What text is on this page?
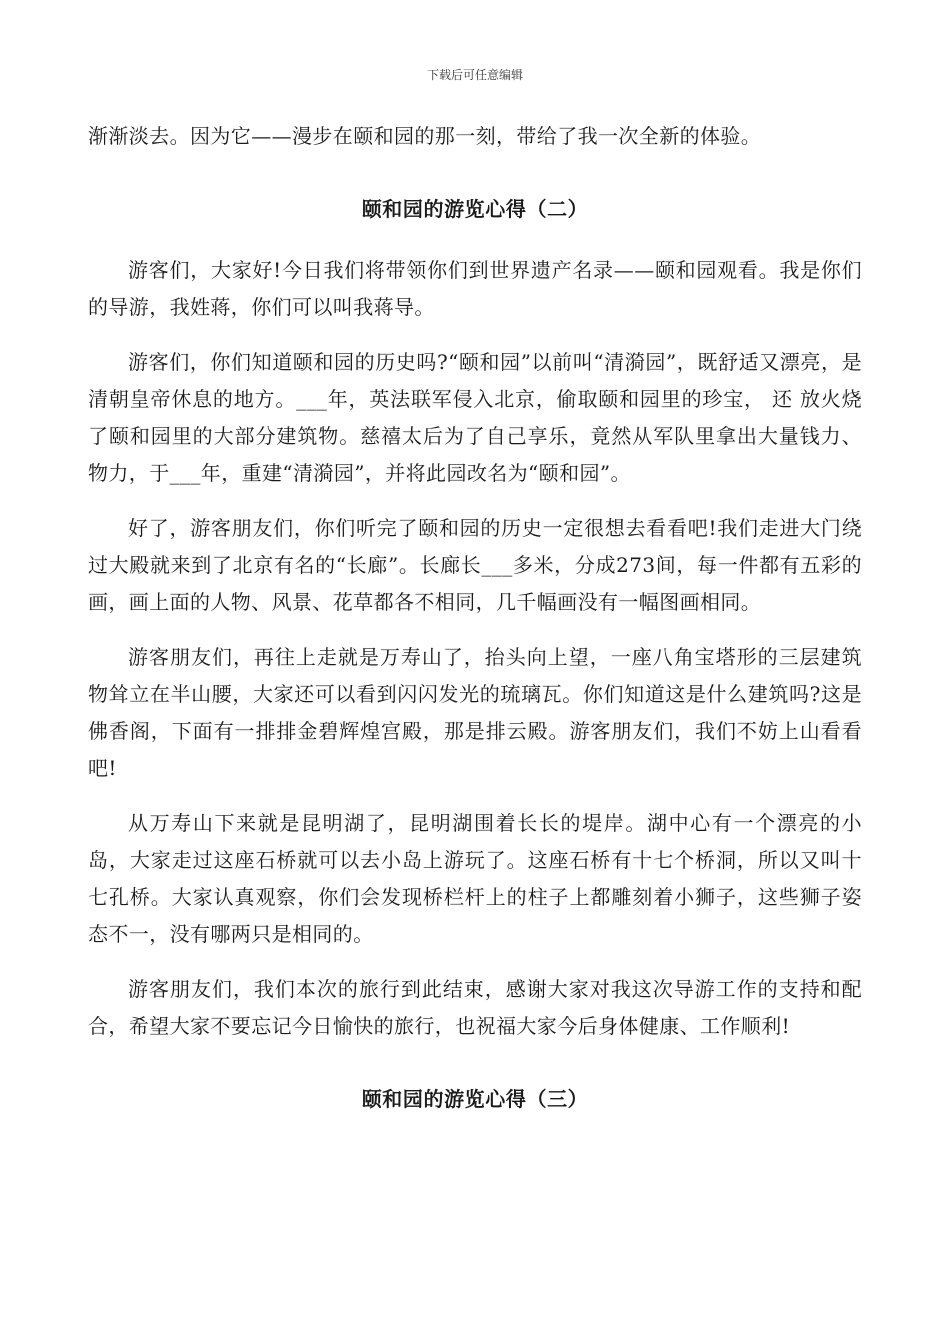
下载后可任意编辑

渐渐淡去。因为它——漫步在颐和园的那一刻，带给了我一次全新的体验。

颐和园的游览心得（二）

游客们，大家好!今日我们将带领你们到世界遗产名录——颐和园观看。我是你们的导游，我姓蒋，你们可以叫我蒋导。

游客们，你们知道颐和园的历史吗?“颐和园”以前叫“清漪园”，既舒适又漂亮，是清朝皇帝休息的地方。___年，英法联军侵入北京，偷取颐和园里的珍宝， 还 放火烧了颐和园里的大部分建筑物。慈禧太后为了自己享乐，竟然从军队里拿出大量钱力、物力，于___年，重建“清漪园”，并将此园改名为“颐和园”。

好了，游客朋友们，你们听完了颐和园的历史一定很想去看看吧!我们走进大门绕过大殿就来到了北京有名的“长廊”。长廊长___多米，分成273间，每一件都有五彩的画，画上面的人物、风景、花草都各不相同，几千幅画没有一幅图画相同。

游客朋友们，再往上走就是万寿山了，抬头向上望，一座八角宝塔形的三层建筑物耸立在半山腰，大家还可以看到闪闪发光的琉璃瓦。你们知道这是什么建筑吗?这是佛香阁，下面有一排排金碧辉煌宫殿，那是排云殿。游客朋友们，我们不妨上山看看吧!

从万寿山下来就是昆明湖了，昆明湖围着长长的堤岸。湖中心有一个漂亮的小岛，大家走过这座石桥就可以去小岛上游玩了。这座石桥有十七个桥洞，所以又叫十七孔桥。大家认真观察，你们会发现桥栏杆上的柱子上都雕刻着小狮子，这些狮子姿态不一，没有哪两只是相同的。

游客朋友们，我们本次的旅行到此结束，感谢大家对我这次导游工作的支持和配合，希望大家不要忘记今日愉快的旅行，也祝福大家今后身体健康、工作顺利!

颐和园的游览心得（三）
